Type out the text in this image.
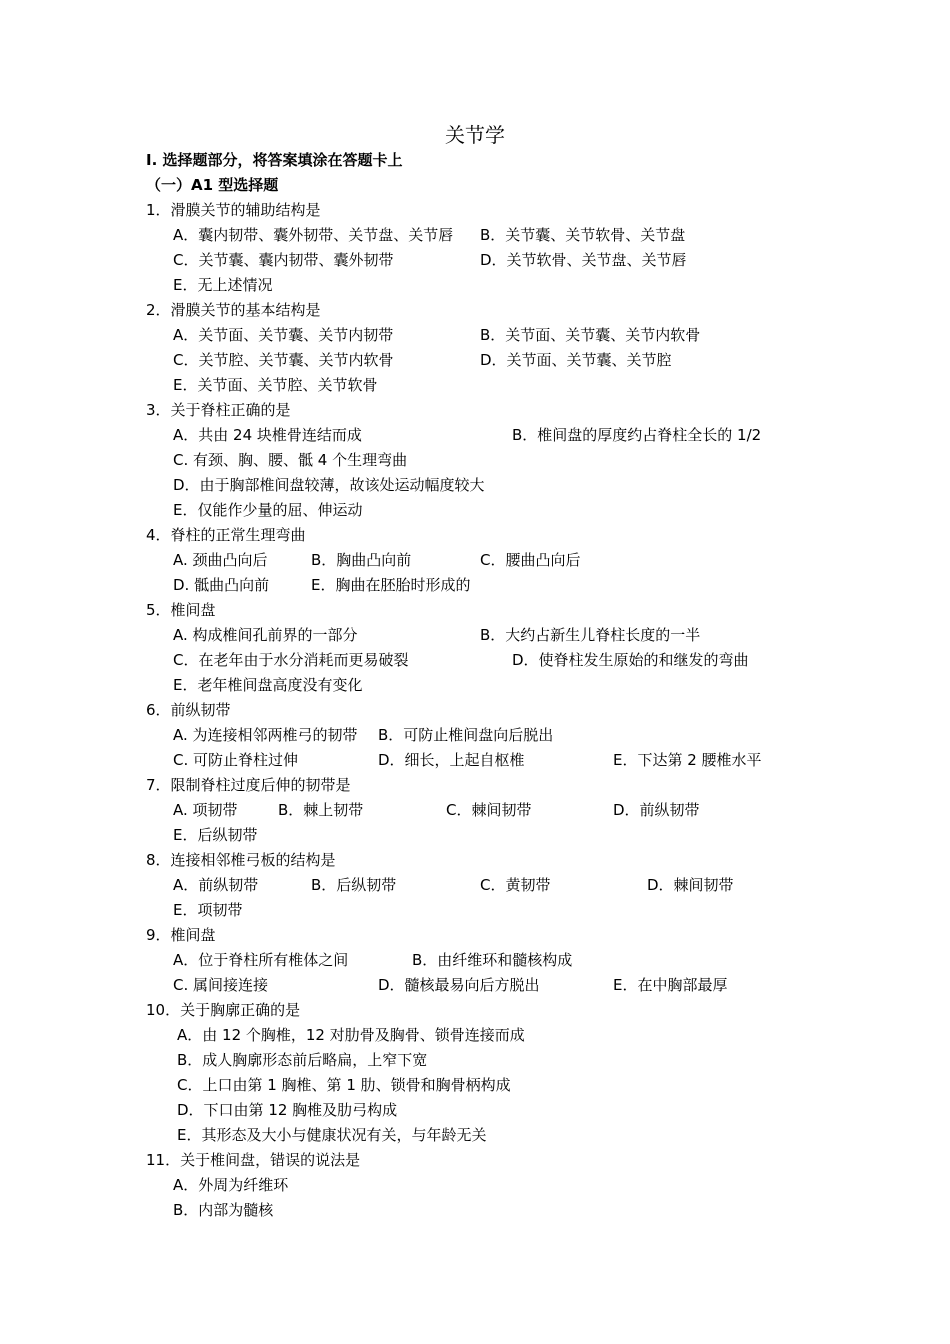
关节学
Ⅰ. 选择题部分，将答案填涂在答题卡上
（一）A1 型选择题
1．滑膜关节的辅助结构是
A．囊内韧带、囊外韧带、关节盘、关节唇 B．关节囊、关节软骨、关节盘
C．关节囊、囊内韧带、囊外韧带	D．关节软骨、关节盘、关节唇
E．无上述情况
2．滑膜关节的基本结构是
A．关节面、关节囊、关节内韧带	B．关节面、关节囊、关节内软骨
C．关节腔、关节囊、关节内软骨	D．关节面、关节囊、关节腔
E．关节面、关节腔、关节软骨
3．关于脊柱正确的是
A．共由 24 块椎骨连结而成	B．椎间盘的厚度约占脊柱全长的 1/2
C. 有颈、胸、腰、骶 4 个生理弯曲
D．由于胸部椎间盘较薄，故该处运动幅度较大
E．仅能作少量的屈、伸运动
4．脊柱的正常生理弯曲
A. 颈曲凸向后	B．胸曲凸向前	C．腰曲凸向后
D. 骶曲凸向前	E．胸曲在胚胎时形成的
5．椎间盘
A. 构成椎间孔前界的一部分	B．大约占新生儿脊柱长度的一半
C．在老年由于水分消耗而更易破裂	D．使脊柱发生原始的和继发的弯曲
E．老年椎间盘高度没有变化
6．前纵韧带
A. 为连接相邻两椎弓的韧带 B．可防止椎间盘向后脱出
C. 可防止脊柱过伸	D．细长，上起自枢椎	E．下达第 2 腰椎水平
7．限制脊柱过度后伸的韧带是
A. 项韧带	B．棘上韧带	C．棘间韧带	D．前纵韧带
E．后纵韧带
8．连接相邻椎弓板的结构是
A．前纵韧带	B．后纵韧带	C．黄韧带	D．棘间韧带
E．项韧带
9．椎间盘
A．位于脊柱所有椎体之间	B．由纤维环和髓核构成
C. 属间接连接	D．髓核最易向后方脱出	E．在中胸部最厚
10．关于胸廓正确的是
A．由 12 个胸椎，12 对肋骨及胸骨、锁骨连接而成
B．成人胸廓形态前后略扁，上窄下宽
C．上口由第 1 胸椎、第 1 肋、锁骨和胸骨柄构成
D．下口由第 12 胸椎及肋弓构成
E．其形态及大小与健康状况有关，与年龄无关
11．关于椎间盘，错误的说法是
A．外周为纤维环
B．内部为髓核
